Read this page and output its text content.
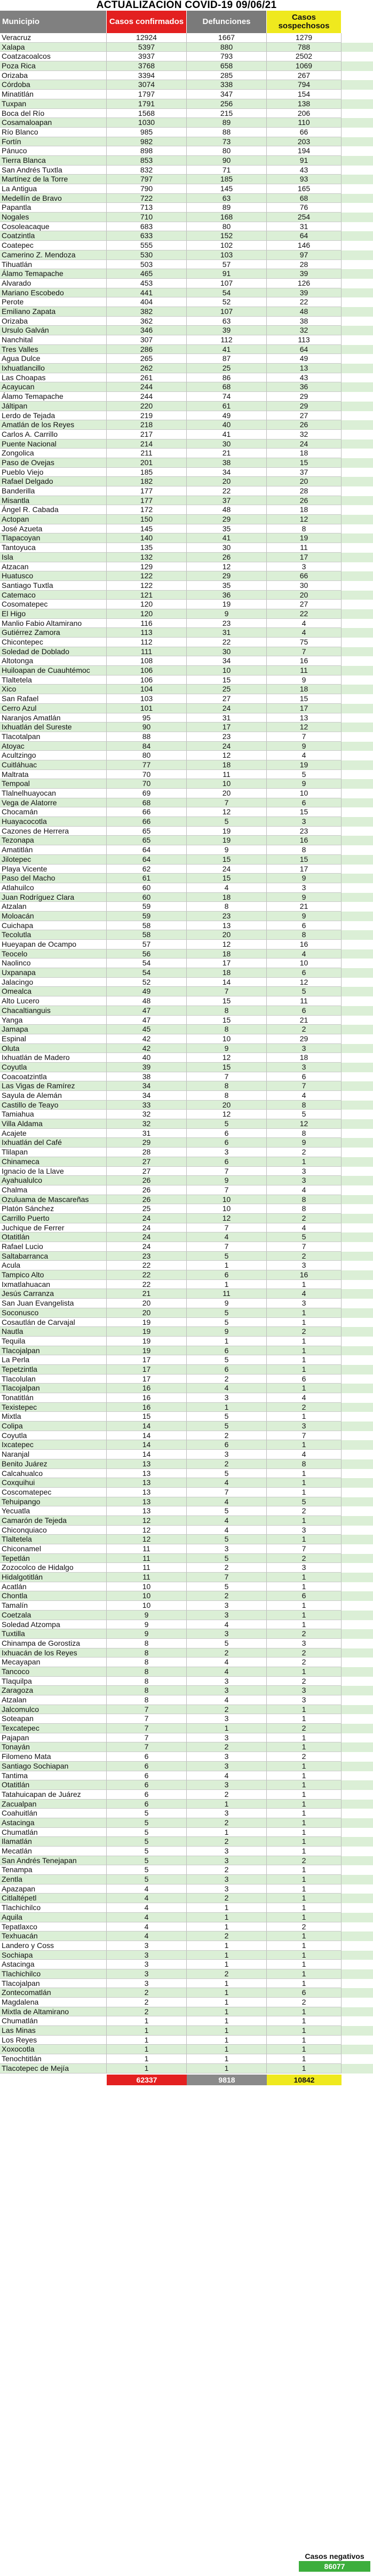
ACTUALIZACIÓN COVID-19 09/06/21
Municipio	Casos confirmados	Defunciones	Casos sospechosos
Veracruz	12924	1667	1279
Xalapa	5397	880	788
Coatzacoalcos	3937	793	2502
Poza Rica	3768	658	1069
Orizaba	3394	285	267
Córdoba	3074	338	794
Minatitlán	1797	347	154
Tuxpan	1791	256	138
Boca del Río	1568	215	206
Cosamaloapan	1030	89	110
Río Blanco	985	88	66
Fortín	982	73	203
Pánuco	898	80	194
Tierra Blanca	853	90	91
San Andrés Tuxtla	832	71	43
Martínez de la Torre	797	185	93
La Antigua	790	145	165
Medellín de Bravo	722	63	68
Papantla	713	89	76
Nogales	710	168	254
Cosoleacaque	683	80	31
Coatzintla	633	152	64
Coatepec	555	102	146
Camerino Z. Mendoza	530	103	97
Tihuatlán	503	57	28
Álamo Temapache	465	91	39
Alvarado	453	107	126
Mariano Escobedo	441	54	39
Perote	404	52	22
Emiliano Zapata	382	107	48
Orizaba	362	63	38
Ursulo Galván	346	39	32
Nanchital	307	112	113
Tres Valles	286	41	64
Agua Dulce	265	87	49
Ixhuatlancillo	262	25	13
Las Choapas	261	86	43
Acayucan	244	68	36
Álamo Temapache	244	74	29
Jáltipan	220	61	29
Lerdo de Tejada	219	49	27
Amatlán de los Reyes	218	40	26
Carlos A. Carrillo	217	41	32
Puente Nacional	214	30	24
Zongolica	211	21	18
Paso de Ovejas	201	38	15
Pueblo Viejo	185	34	37
Rafael Delgado	182	20	20
Banderilla	177	22	28
Misantla	177	37	26
Ángel R. Cabada	172	48	18
Actopan	150	29	12
José Azueta	145	35	8
Tlapacoyan	140	41	19
Tantoyuca	135	30	11
Isla	132	26	17
Atzacan	129	12	3
Huatusco	122	29	66
Santiago Tuxtla	122	35	30
Catemaco	121	36	20
Cosomatepec	120	19	27
El Higo	120	9	22
Manlio Fabio Altamirano	116	23	4
Gutiérrez Zamora	113	31	4
Chicontepec	112	22	75
Soledad de Doblado	111	30	7
Altotonga	108	34	16
Huiloapan de Cuauhtémoc	106	10	11
Tlaltetela	106	15	9
Xico	104	25	18
San Rafael	103	27	15
Cerro Azul	101	24	17
Naranjos Amatlán	95	31	13
Ixhuatlán del Sureste	90	17	12
Tlacotalpan	88	23	7
Atoyac	84	24	9
Acultzingo	80	12	4
Cuitláhuac	77	18	19
Maltrata	70	11	5
Tempoal	70	10	9
Tlalnelhuayocan	69	20	10
Vega de Alatorre	68	7	6
Chocamán	66	12	15
Huayacocotla	66	5	3
Cazones de Herrera	65	19	23
Tezonapa	65	19	16
Amatitlán	64	9	8
Jilotepec	64	15	15
Playa Vicente	62	24	17
Paso del Macho	61	15	9
Atlahuilco	60	4	3
Juan Rodríguez Clara	60	18	9
Atzalan	59	8	21
Moloacán	59	23	9
Cuichapa	58	13	6
Tecolutla	58	20	8
Hueyapan de Ocampo	57	12	16
Teocelo	56	18	4
Naolinco	54	17	10
Uxpanapa	54	18	6
Jalacingo	52	14	12
Omealca	49	7	5
Alto Lucero	48	15	11
Chacaltianguis	47	8	6
Yanga	47	15	21
Jamapa	45	8	2
Espinal	42	10	29
Oluta	42	9	3
Ixhuatlán de Madero	40	12	18
Coyutla	39	15	3
Coacoatzintla	38	7	6
Las Vigas de Ramírez	34	8	7
Sayula de Alemán	34	8	4
Castillo de Teayo	33	20	8
Tamiahua	32	12	5
Villa Aldama	32	5	12
Acajete	31	6	8
Ixhuatlán del Café	29	6	9
Tlilapan	28	3	2
Chinameca	27	6	1
Ignacio de la Llave	27	7	3
Ayahualulco	26	9	3
Chalma	26	7	4
Ozuluama de Mascareñas	26	10	8
Platón Sánchez	25	10	8
Carrillo Puerto	24	12	2
Juchique de Ferrer	24	7	4
Otatitlán	24	4	5
Rafael Lucio	24	7	7
Saltabarranca	23	5	2
Acula	22	1	3
Tampico Alto	22	6	16
Ixmatlahuacan	22	1	1
Jesús Carranza	21	11	4
San Juan Evangelista	20	9	3
Soconusco	20	5	1
Cosautlán de Carvajal	19	5	1
Nautla	19	9	2
Tequila	19	1	1
Tlacojalpan	19	6	1
La Perla	17	5	1
Tepetzintla	17	6	1
Tlacolulan	17	2	6
Tlacojalpan	16	4	1
Tonatitlán	16	3	4
Texistepec	16	1	2
Mixtla	15	5	1
Colipa	14	5	3
Coyutla	14	2	7
Ixcatepec	14	6	1
Naranjal	14	3	4
Benito Juárez	13	2	8
Calcahualco	13	5	1
Coxquihui	13	4	1
Coscomatepec	13	7	1
Tehuipango	13	4	5
Yecuatla	13	5	2
Camarón de Tejeda	12	4	1
Chiconquiaco	12	4	3
Tlaltetela	12	5	1
Chiconamel	11	3	7
Tepetlán	11	5	2
Zozocolco de Hidalgo	11	2	3
Hidalgotitlán	11	7	1
Acatlán	10	5	1
Chontla	10	2	6
Tamalín	10	3	1
Coetzala	9	3	1
Soledad Atzompa	9	4	1
Tuxtilla	9	3	2
Chinampa de Gorostiza	8	5	3
Ixhuacán de los Reyes	8	2	2
Mecayapan	8	4	2
Tancoco	8	4	1
Tlaquilpa	8	3	2
Zaragoza	8	3	3
Atzalan	8	4	3
Jalcomulco	7	2	1
Soteapan	7	3	1
Texcatepec	7	1	2
Pajapan	7	3	1
Tonayán	7	2	1
Filomeno Mata	6	3	2
Santiago Sochiapan	6	3	1
Tantima	6	4	1
Otatitlán	6	3	1
Tatahuicapan de Juárez	6	2	1
Zacualpan	6	1	1
Coahuitlán	5	3	1
Astacinga	5	2	1
Chumatlán	5	1	1
Ilamatlán	5	2	1
Mecatlán	5	3	1
San Andrés Tenejapan	5	3	2
Tenampa	5	2	1
Zentla	5	3	1
Apazapan	4	3	1
Citlaltépetl	4	2	1
Tlachichilco	4	1	1
Aquila	4	1	1
Tepatlaxco	4	1	2
Texhuacán	4	2	1
Landero y Coss	3	1	1
Sochiapa	3	1	1
Astacinga	3	1	1
Tlachichilco	3	2	1
Tlacojalpan	3	1	1
Zontecomatlán	2	1	6
Magdalena	2	1	2
Mixtla de Altamirano	2	1	1
Chumatlán	1	1	1
Las Minas	1	1	1
Los Reyes	1	1	1
Xoxocotla	1	1	1
Tenochtitlán	1	1	1
Tlacotepec de Mejía	1	1	1
62337	9818	10842
Casos negativos
86077
